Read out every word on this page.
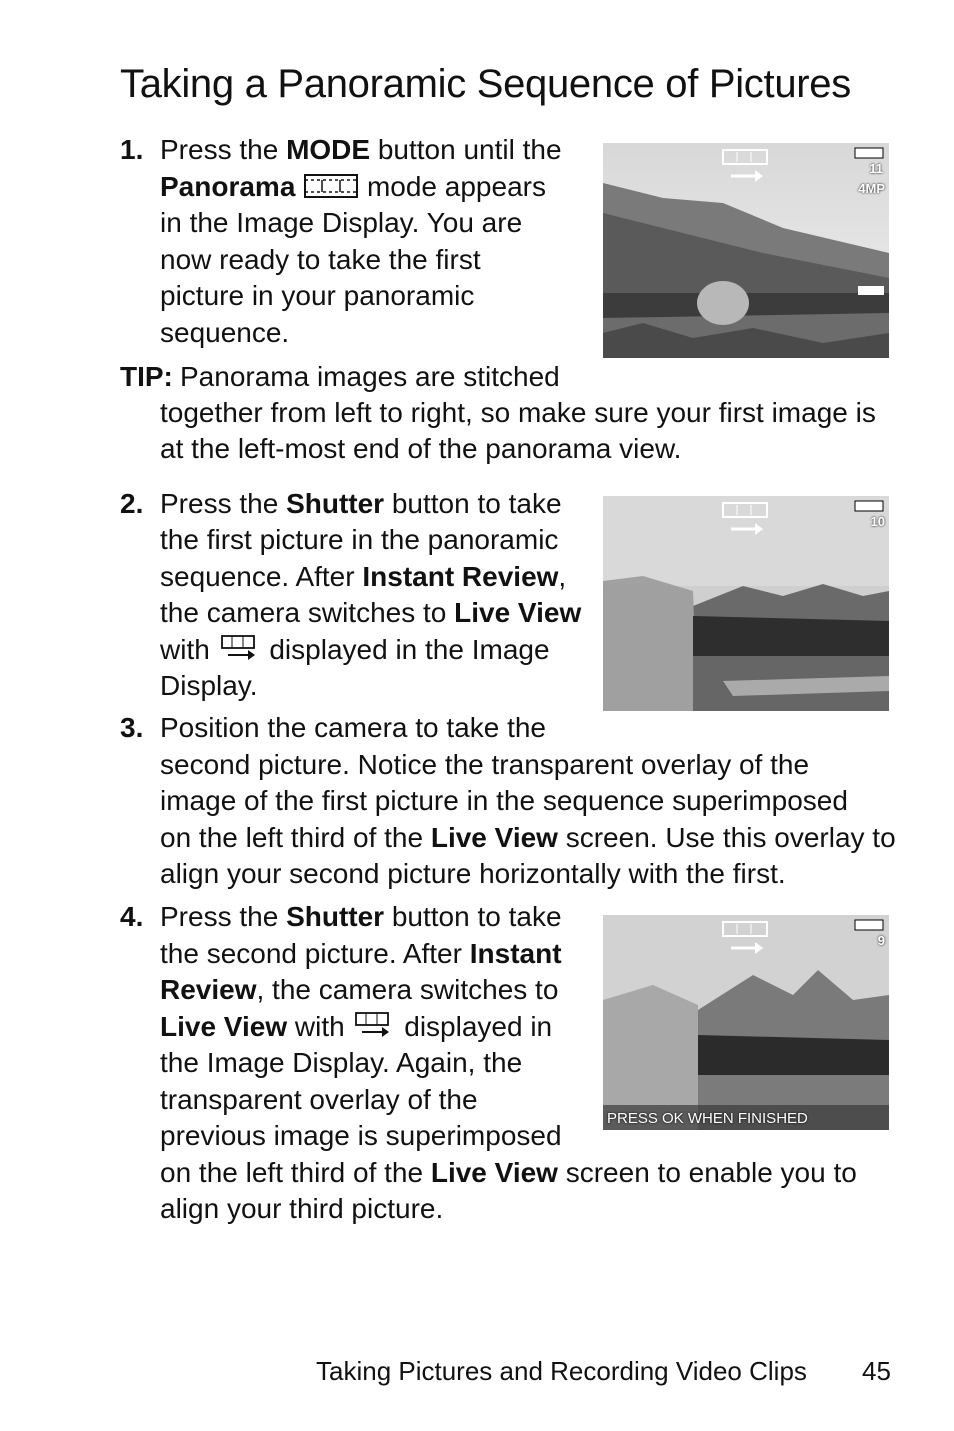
Taking a Panoramic Sequence of Pictures
1. Press the MODE button until the
Panorama  mode appears
in the Image Display. You are
now ready to take the first
picture in your panoramic
sequence.
11
4MP
TIP: Panorama images are stitched
together from left to right, so make sure your first image is
at the left-most end of the panorama view.
2. Press the Shutter button to take
the first picture in the panoramic
sequence. After Instant Review,
the camera switches to Live View
with  displayed in the Image
Display.
10
3. Position the camera to take the
second picture. Notice the transparent overlay of the
image of the first picture in the sequence superimposed
on the left third of the Live View screen. Use this overlay to
align your second picture horizontally with the first.
4. Press the Shutter button to take
the second picture. After Instant
Review, the camera switches to
Live View with  displayed in
the Image Display. Again, the
transparent overlay of the
previous image is superimposed
on the left third of the Live View screen to enable you to
align your third picture.
9
PRESS OK WHEN FINISHED
Taking Pictures and Recording Video Clips 45
